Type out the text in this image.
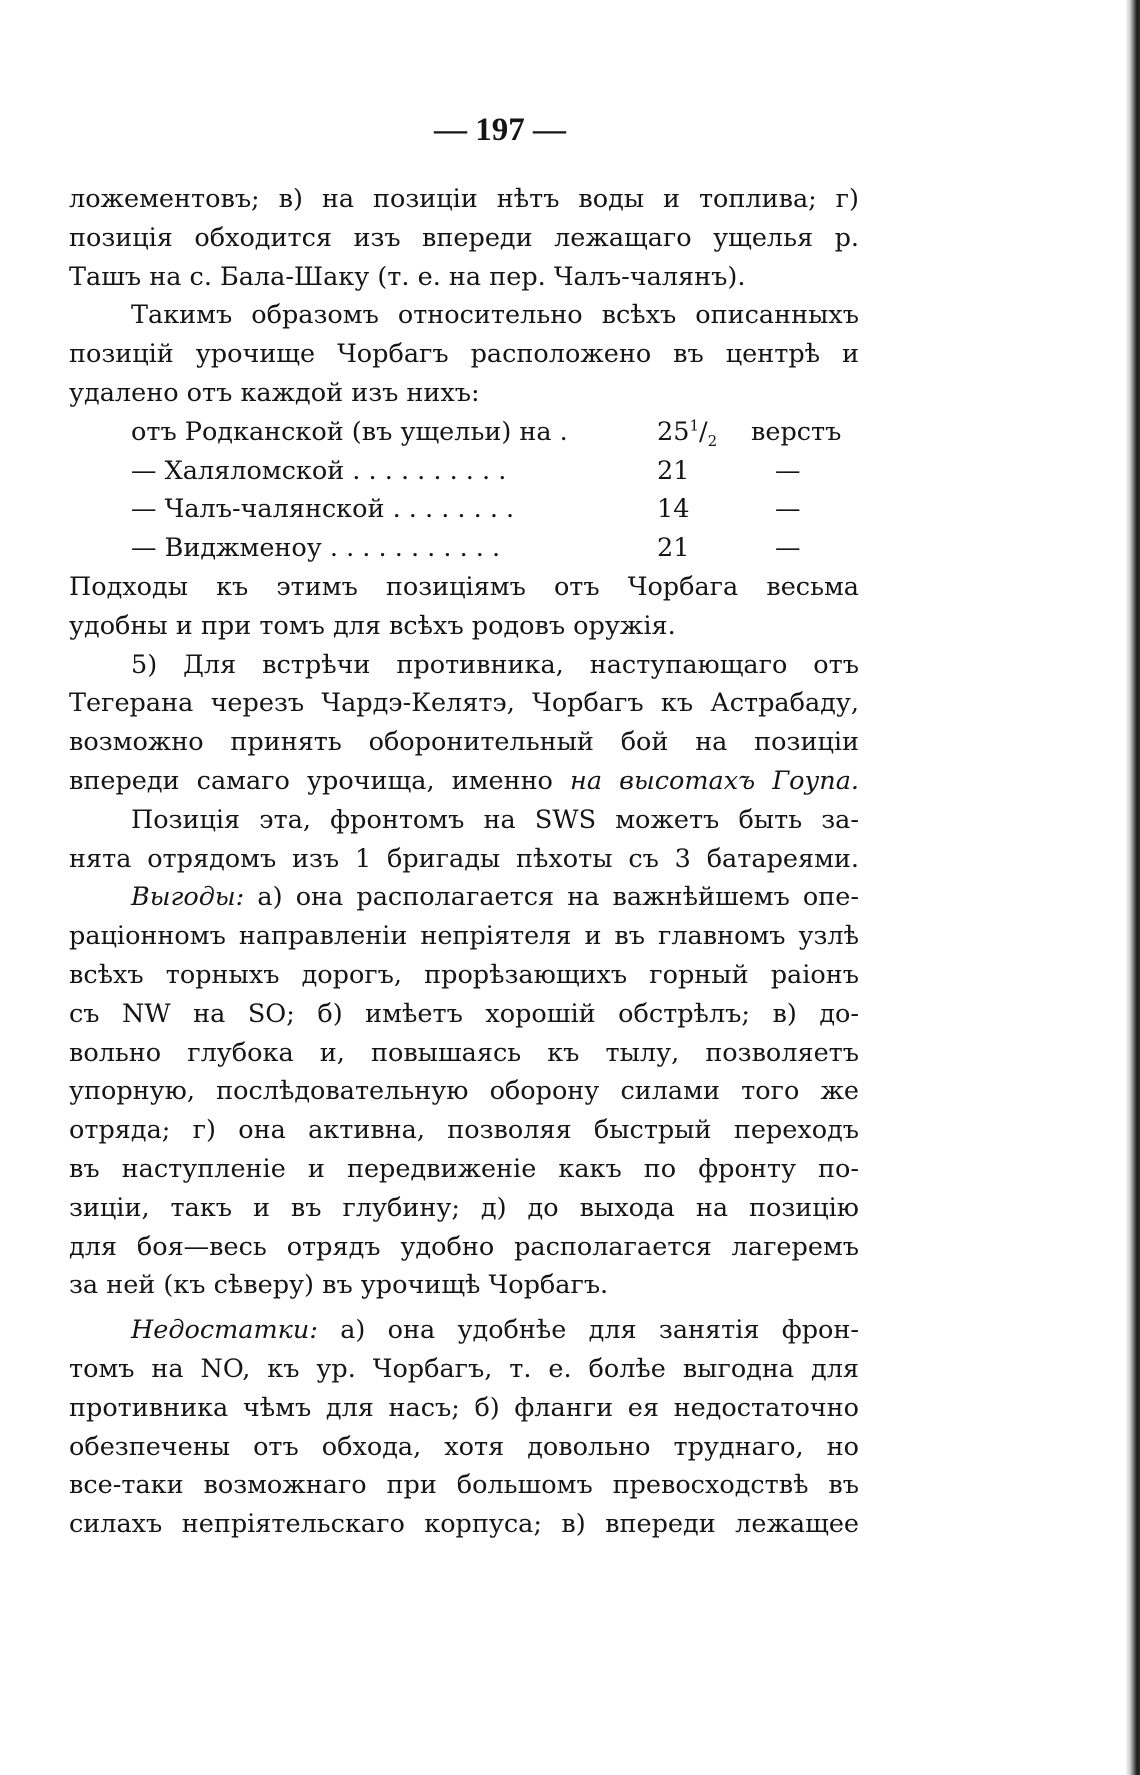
— 197 —
ложементовъ; в) на позиціи нѣтъ воды и топлива; г)
позиція обходится изъ впереди лежащаго ущелья р.
Ташъ на с. Бала-Шаку (т. е. на пер. Чалъ-чалянъ).
Такимъ образомъ относительно всѣхъ описанныхъ
позицій урочище Чорбагъ расположено въ центрѣ и
удалено отъ каждой изъ нихъ:
отъ Родканской (въ ущельи) на .	$25^1/_2$ верстъ
— Халяломской . . . . . . . . . .	21	—
— Чалъ-чалянской . . . . . . . .	14	—
— Виджменоу . . . . . . . . . . .	21	—
Подходы къ этимъ позиціямъ отъ Чорбага весьма
удобны и при томъ для всѣхъ родовъ оружія.
5) Для встрѣчи противника, наступающаго отъ
Тегерана черезъ Чардэ-Келятэ, Чорбагъ къ Астрабаду,
возможно принять оборонительный бой на позиціи
впереди самаго урочища, именно на высотахъ Гоупа.
Позиція эта, фронтомъ на SWS можетъ быть за-
нята отрядомъ изъ 1 бригады пѣхоты съ 3 батареями.
Выгоды: а) она располагается на важнѣйшемъ опе-
раціонномъ направленіи непріятеля и въ главномъ узлѣ
всѣхъ торныхъ дорогъ, прорѣзающихъ горный раіонъ
съ NW на SO; б) имѣетъ хорошій обстрѣлъ; в) до-
вольно глубока и, повышаясь къ тылу, позволяетъ
упорную, послѣдовательную оборону силами того же
отряда; г) она активна, позволяя быстрый переходъ
въ наступленіе и передвиженіе какъ по фронту по-
зиціи, такъ и въ глубину; д) до выхода на позицію
для боя—весь отрядъ удобно располагается лагеремъ
за ней (къ сѣверу) въ урочищѣ Чорбагъ.
Недостатки: а) она удобнѣе для занятія фрон-
томъ на NO, къ ур. Чорбагъ, т. е. болѣе выгодна для
противника чѣмъ для насъ; б) фланги ея недостаточно
обезпечены отъ обхода, хотя довольно труднаго, но
все-таки возможнаго при большомъ превосходствѣ въ
силахъ непріятельскаго корпуса; в) впереди лежащее
